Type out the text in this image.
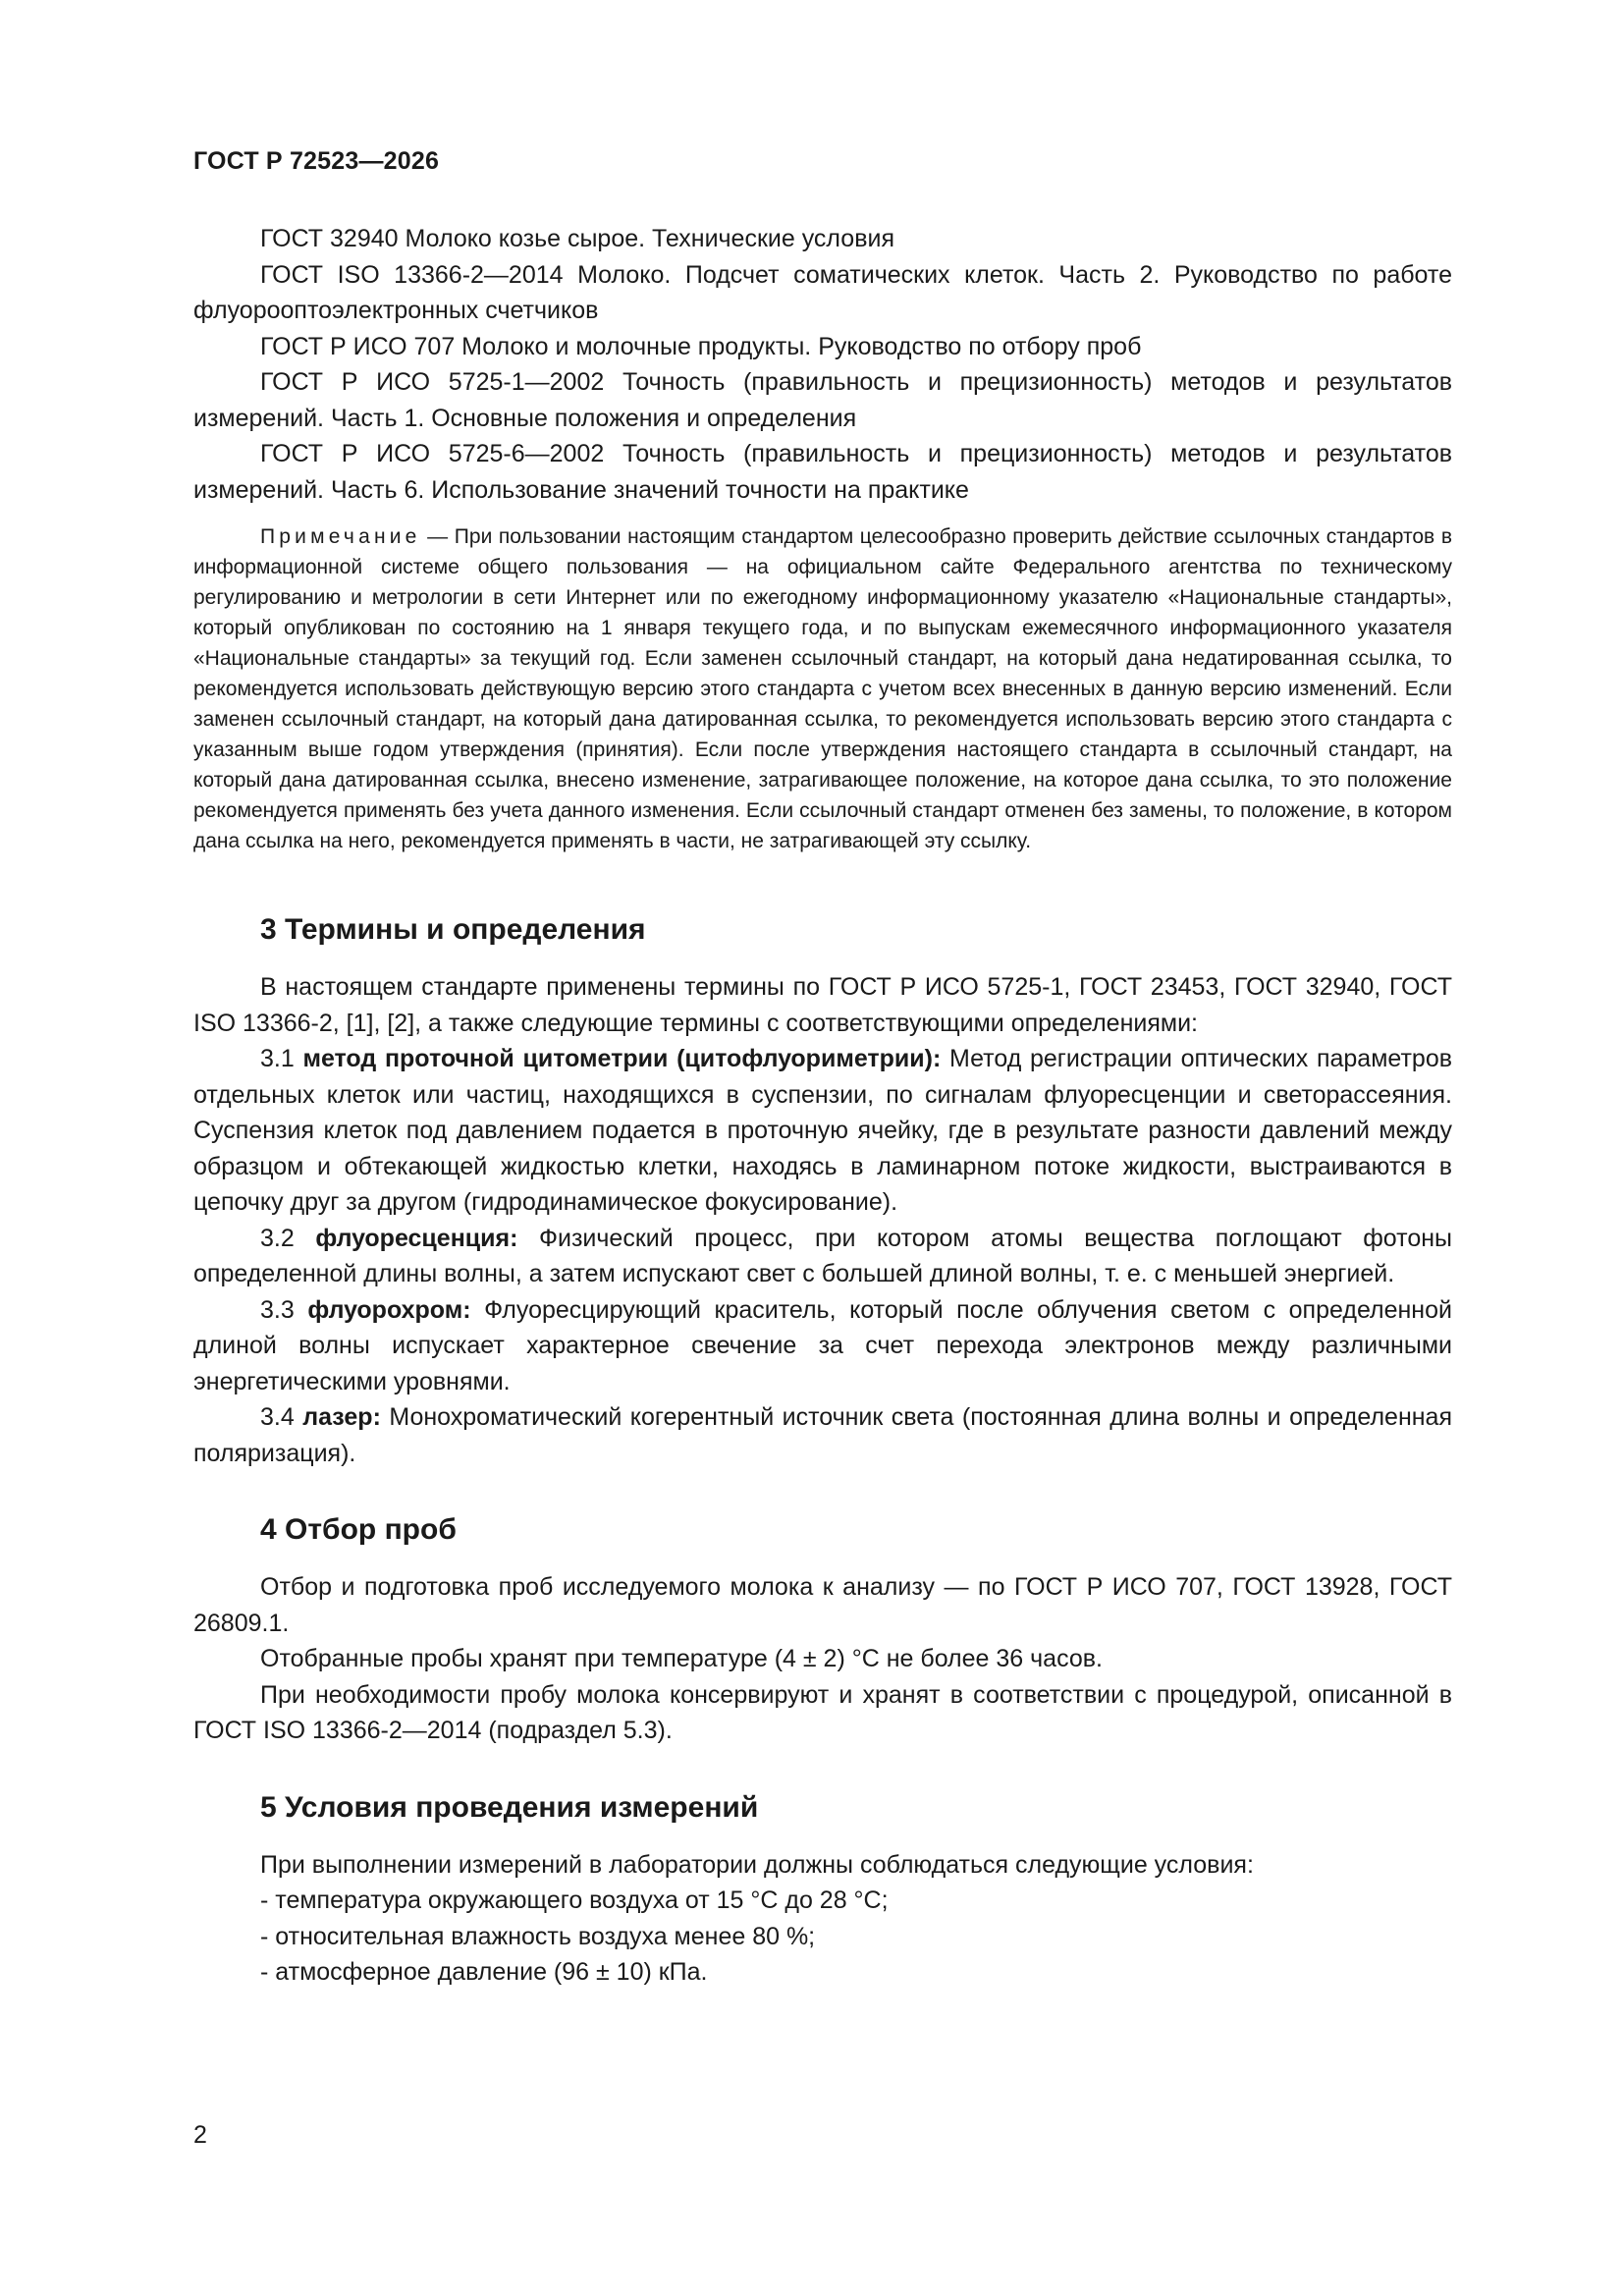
ГОСТ Р 72523—2026

ГОСТ 32940 Молоко козье сырое. Технические условия

ГОСТ ISO 13366-2—2014 Молоко. Подсчет соматических клеток. Часть 2. Руководство по работе флуорооптоэлектронных счетчиков

ГОСТ Р ИСО 707 Молоко и молочные продукты. Руководство по отбору проб

ГОСТ Р ИСО 5725-1—2002 Точность (правильность и прецизионность) методов и результатов измерений. Часть 1. Основные положения и определения

ГОСТ Р ИСО 5725-6—2002 Точность (правильность и прецизионность) методов и результатов измерений. Часть 6. Использование значений точности на практике

Примечание — При пользовании настоящим стандартом целесообразно проверить действие ссылочных стандартов в информационной системе общего пользования — на официальном сайте Федерального агентства по техническому регулированию и метрологии в сети Интернет или по ежегодному информационному указателю «Национальные стандарты», который опубликован по состоянию на 1 января текущего года, и по выпускам ежемесячного информационного указателя «Национальные стандарты» за текущий год. Если заменен ссылочный стандарт, на который дана недатированная ссылка, то рекомендуется использовать действующую версию этого стандарта с учетом всех внесенных в данную версию изменений. Если заменен ссылочный стандарт, на который дана датированная ссылка, то рекомендуется использовать версию этого стандарта с указанным выше годом утверждения (принятия). Если после утверждения настоящего стандарта в ссылочный стандарт, на который дана датированная ссылка, внесено изменение, затрагивающее положение, на которое дана ссылка, то это положение рекомендуется применять без учета данного изменения. Если ссылочный стандарт отменен без замены, то положение, в котором дана ссылка на него, рекомендуется применять в части, не затрагивающей эту ссылку.

3 Термины и определения

В настоящем стандарте применены термины по ГОСТ Р ИСО 5725-1, ГОСТ 23453, ГОСТ 32940, ГОСТ ISO 13366-2, [1], [2], а также следующие термины с соответствующими определениями:

3.1 метод проточной цитометрии (цитофлуориметрии): Метод регистрации оптических параметров отдельных клеток или частиц, находящихся в суспензии, по сигналам флуоресценции и светорассеяния. Суспензия клеток под давлением подается в проточную ячейку, где в результате разности давлений между образцом и обтекающей жидкостью клетки, находясь в ламинарном потоке жидкости, выстраиваются в цепочку друг за другом (гидродинамическое фокусирование).

3.2 флуоресценция: Физический процесс, при котором атомы вещества поглощают фотоны определенной длины волны, а затем испускают свет с большей длиной волны, т. е. с меньшей энергией.

3.3 флуорохром: Флуоресцирующий краситель, который после облучения светом с определенной длиной волны испускает характерное свечение за счет перехода электронов между различными энергетическими уровнями.

3.4 лазер: Монохроматический когерентный источник света (постоянная длина волны и определенная поляризация).

4 Отбор проб

Отбор и подготовка проб исследуемого молока к анализу — по ГОСТ Р ИСО 707, ГОСТ 13928, ГОСТ 26809.1.

Отобранные пробы хранят при температуре (4 ± 2) °С не более 36 часов.

При необходимости пробу молока консервируют и хранят в соответствии с процедурой, описанной в ГОСТ ISO 13366-2—2014 (подраздел 5.3).

5 Условия проведения измерений

При выполнении измерений в лаборатории должны соблюдаться следующие условия:

- температура окружающего воздуха от 15 °С до 28 °С;
- относительная влажность воздуха менее 80 %;
- атмосферное давление (96 ± 10) кПа.
2
